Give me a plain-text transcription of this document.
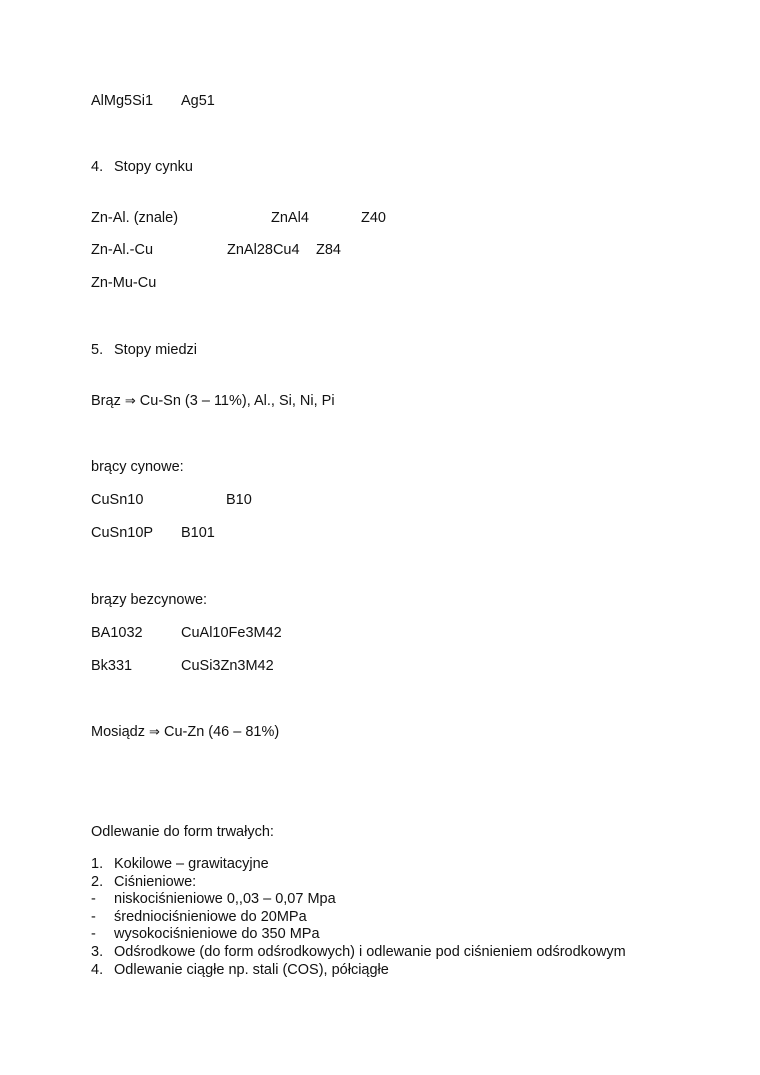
AlMg5Si1 Ag51
4. Stopy cynku
Zn-Al. (znale)	ZnAl4	Z40
Zn-Al.-Cu	ZnAl28Cu4 Z84
Zn-Mu-Cu
5. Stopy miedzi
Brąz ⇒ Cu-Sn (3 – 11%), Al., Si, Ni, Pi
brący cynowe:
CuSn10	B10
CuSn10P B101
brązy bezcynowe:
BA1032	CuAl10Fe3M42
Bk331	CuSi3Zn3M42
Mosiądz ⇒ Cu-Zn (46 – 81%)
Odlewanie do form trwałych:
1. Kokilowe – grawitacyjne
2. Ciśnieniowe:
- niskociśnieniowe 0,,03 – 0,07 Mpa
- średniociśnieniowe do 20MPa
- wysokociśnieniowe do 350 MPa
3. Odśrodkowe (do form odśrodkowych) i odlewanie pod ciśnieniem odśrodkowym
4. Odlewanie ciągłe np. stali (COS), półciągłe
